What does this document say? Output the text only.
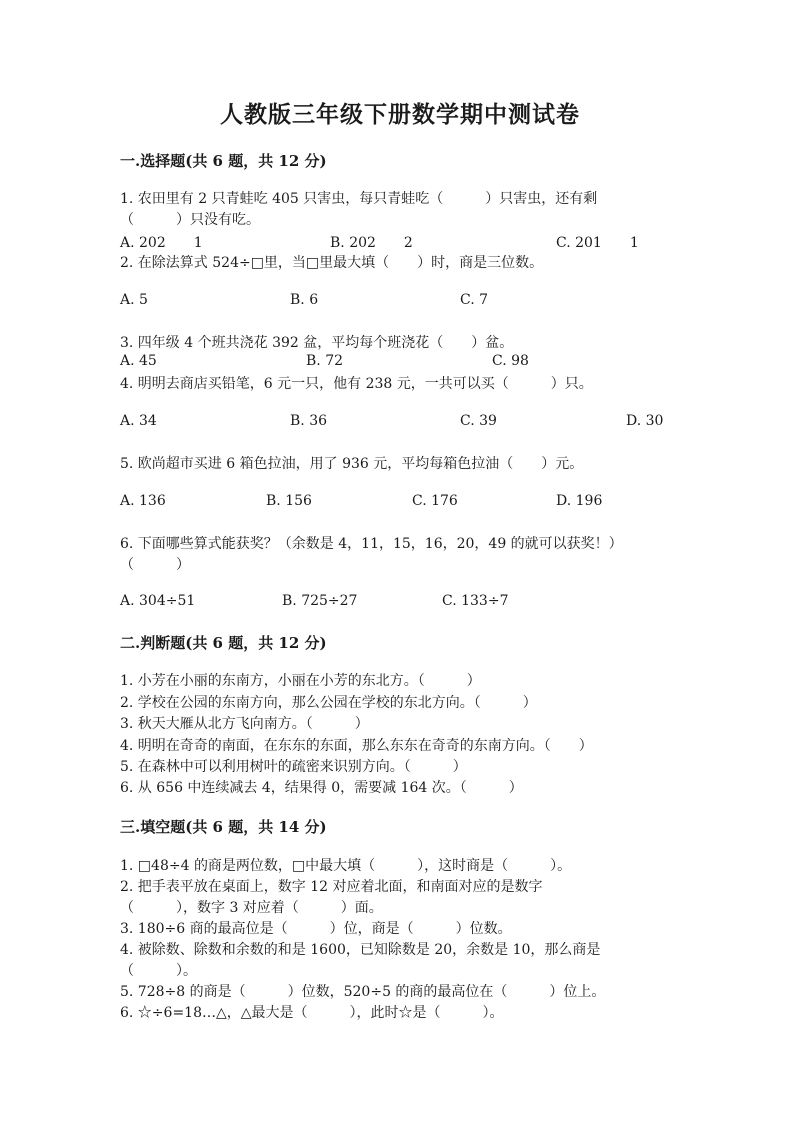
人教版三年级下册数学期中测试卷
一.选择题(共 6 题，共 12 分)
1. 农田里有 2 只青蛙吃 405 只害虫，每只青蛙吃（　　　）只害虫，还有剩
（　　　）只没有吃。
A. 202　　1	B. 202　　2	C. 201　　1
2. 在除法算式 524÷□里，当□里最大填（　　）时，商是三位数。
A. 5	B. 6	C. 7
3. 四年级 4 个班共浇花 392 盆，平均每个班浇花（　　）盆。
A. 45	B. 72	C. 98
4. 明明去商店买铅笔，6 元一只，他有 238 元，一共可以买（　　　）只。
A. 34	B. 36	C. 39	D. 30
5. 欧尚超市买进 6 箱色拉油，用了 936 元，平均每箱色拉油（　　）元。
A. 136	B. 156	C. 176	D. 196
6. 下面哪些算式能获奖？（余数是 4，11，15，16，20，49 的就可以获奖！）
（　　　）
A. 304÷51	B. 725÷27	C. 133÷7
二.判断题(共 6 题，共 12 分)
1. 小芳在小丽的东南方，小丽在小芳的东北方。（　　　）
2. 学校在公园的东南方向，那么公园在学校的东北方向。（　　　）
3. 秋天大雁从北方飞向南方。（　　　）
4. 明明在奇奇的南面，在东东的东面，那么东东在奇奇的东南方向。（　　）
5. 在森林中可以利用树叶的疏密来识别方向。（　　　）
6. 从 656 中连续减去 4，结果得 0，需要减 164 次。（　　　）
三.填空题(共 6 题，共 14 分)
1. □48÷4 的商是两位数，□中最大填（　　　），这时商是（　　　）。
2. 把手表平放在桌面上，数字 12 对应着北面，和南面对应的是数字
（　　　），数字 3 对应着（　　　）面。
3. 180÷6 商的最高位是（　　　）位，商是（　　　）位数。
4. 被除数、除数和余数的和是 1600，已知除数是 20，余数是 10，那么商是
（　　　）。
5. 728÷8 的商是（　　　）位数，520÷5 的商的最高位在（　　　）位上。
6. ☆÷6=18…△，△最大是（　　　），此时☆是（　　　）。
